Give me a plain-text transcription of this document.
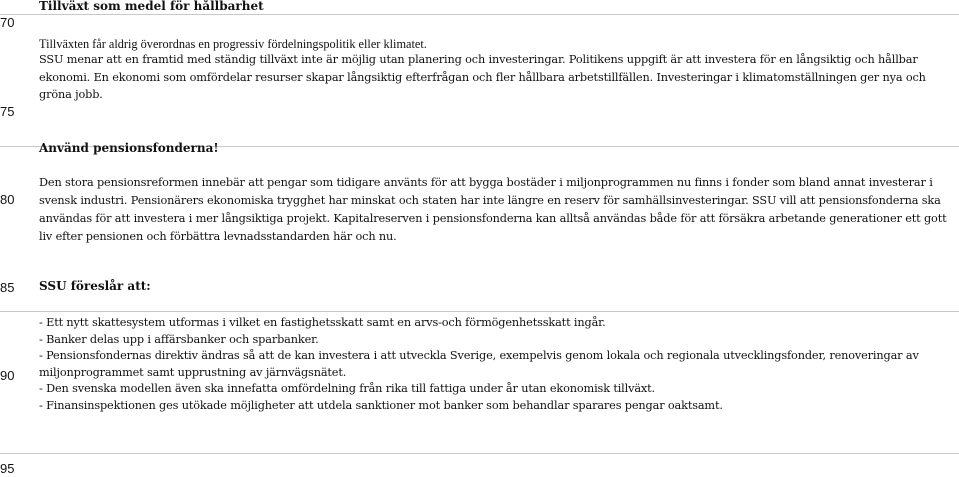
70
75
80
85
90
95
Tillväxt som medel för hållbarhet
Tillväxten får aldrig överordnas en progressiv fördelningspolitik eller klimatet.
SSU menar att en framtid med ständig tillväxt inte är möjlig utan planering och investeringar. Politikens uppgift är att investera för en långsiktig och hållbar ekonomi. En ekonomi som omfördelar resurser skapar långsiktig efterfrågan och fler hållbara arbetstillfällen. Investeringar i klimatomställningen ger nya och gröna jobb.
Använd pensionsfonderna!
Den stora pensionsreformen innebär att pengar som tidigare använts för att bygga bostäder i miljonprogrammen nu finns i fonder som bland annat investerar i svensk industri. Pensionärers ekonomiska trygghet har minskat och staten har inte längre en reserv för samhällsinvesteringar. SSU vill att pensionsfonderna ska användas för att investera i mer långsiktiga projekt. Kapitalreserven i pensionsfonderna kan alltså användas både för att försäkra arbetande generationer ett gott liv efter pensionen och förbättra levnadsstandarden här och nu.
SSU föreslår att:
- Ett nytt skattesystem utformas i vilket en fastighetsskatt samt en arvs-och förmögenhetsskatt ingår.
- Banker delas upp i affärsbanker och sparbanker.
- Pensionsfondernas direktiv ändras så att de kan investera i att utveckla Sverige, exempelvis genom lokala och regionala utvecklingsfonder, renoveringar av miljonprogrammet samt upprustning av järnvägsnätet.
- Den svenska modellen även ska innefatta omfördelning från rika till fattiga under år utan ekonomisk tillväxt.
- Finansinspektionen ges utökade möjligheter att utdela sanktioner mot banker som behandlar sparares pengar oaktsamt.
